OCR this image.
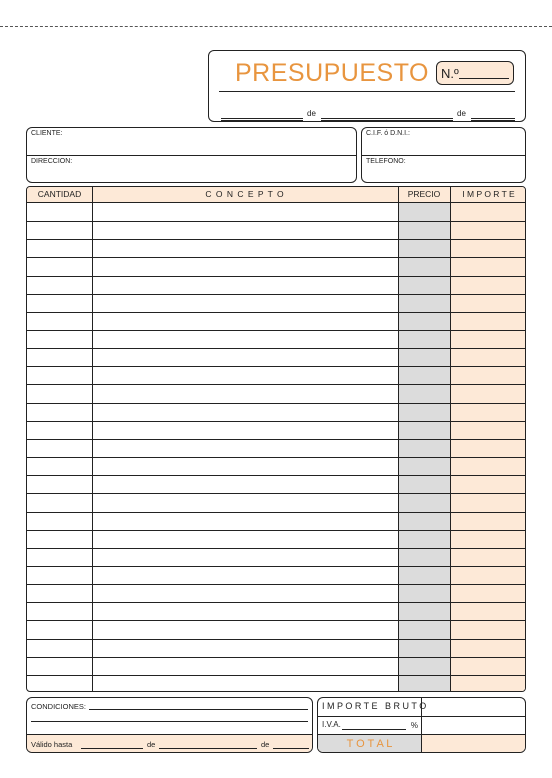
PRESUPUESTO N.º
de	de
CLIENTE:
DIRECCION:
C.I.F. ó D.N.I.:
TELEFONO:
CANTIDAD	C O N C E P T O	PRECIO	I M P O R T E
CONDICIONES:
Válido hasta	de	de
I M P O R T E   B R U T O
I.V.A.	%
T O T A L
